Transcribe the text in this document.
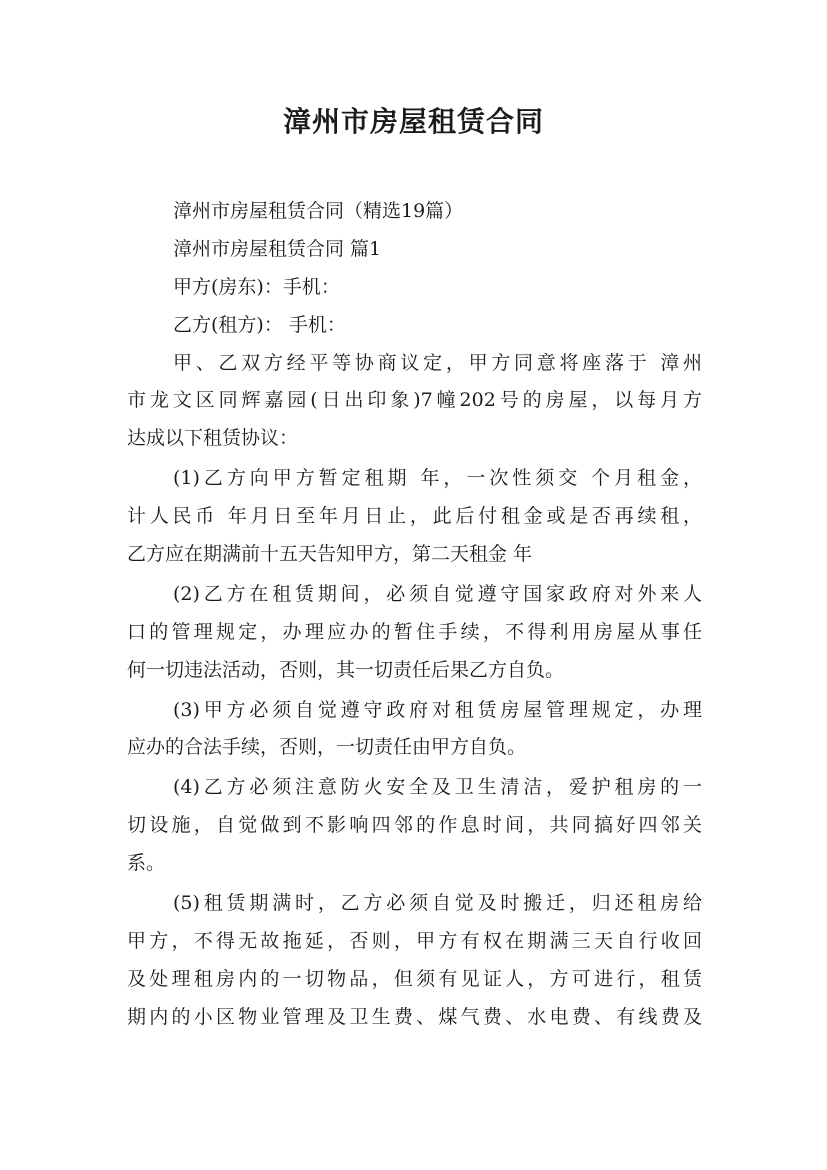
漳州市房屋租赁合同
漳州市房屋租赁合同（精选19篇）
漳州市房屋租赁合同 篇1
甲方(房东)：手机：
乙方(租方)： 手机：
甲、乙双方经平等协商议定，甲方同意将座落于 漳州
市龙文区同辉嘉园(日出印象)7幢202号的房屋，以每月方
达成以下租赁协议：
(1)乙方向甲方暂定租期 年，一次性须交 个月租金，
计人民币 年月日至年月日止，此后付租金或是否再续租，
乙方应在期满前十五天告知甲方，第二天租金 年
(2)乙方在租赁期间，必须自觉遵守国家政府对外来人
口的管理规定，办理应办的暂住手续，不得利用房屋从事任
何一切违法活动，否则，其一切责任后果乙方自负。
(3)甲方必须自觉遵守政府对租赁房屋管理规定，办理
应办的合法手续，否则，一切责任由甲方自负。
(4)乙方必须注意防火安全及卫生清洁，爱护租房的一
切设施，自觉做到不影响四邻的作息时间，共同搞好四邻关
系。
(5)租赁期满时，乙方必须自觉及时搬迁，归还租房给
甲方，不得无故拖延，否则，甲方有权在期满三天自行收回
及处理租房内的一切物品，但须有见证人，方可进行，租赁
期内的小区物业管理及卫生费、煤气费、水电费、有线费及
